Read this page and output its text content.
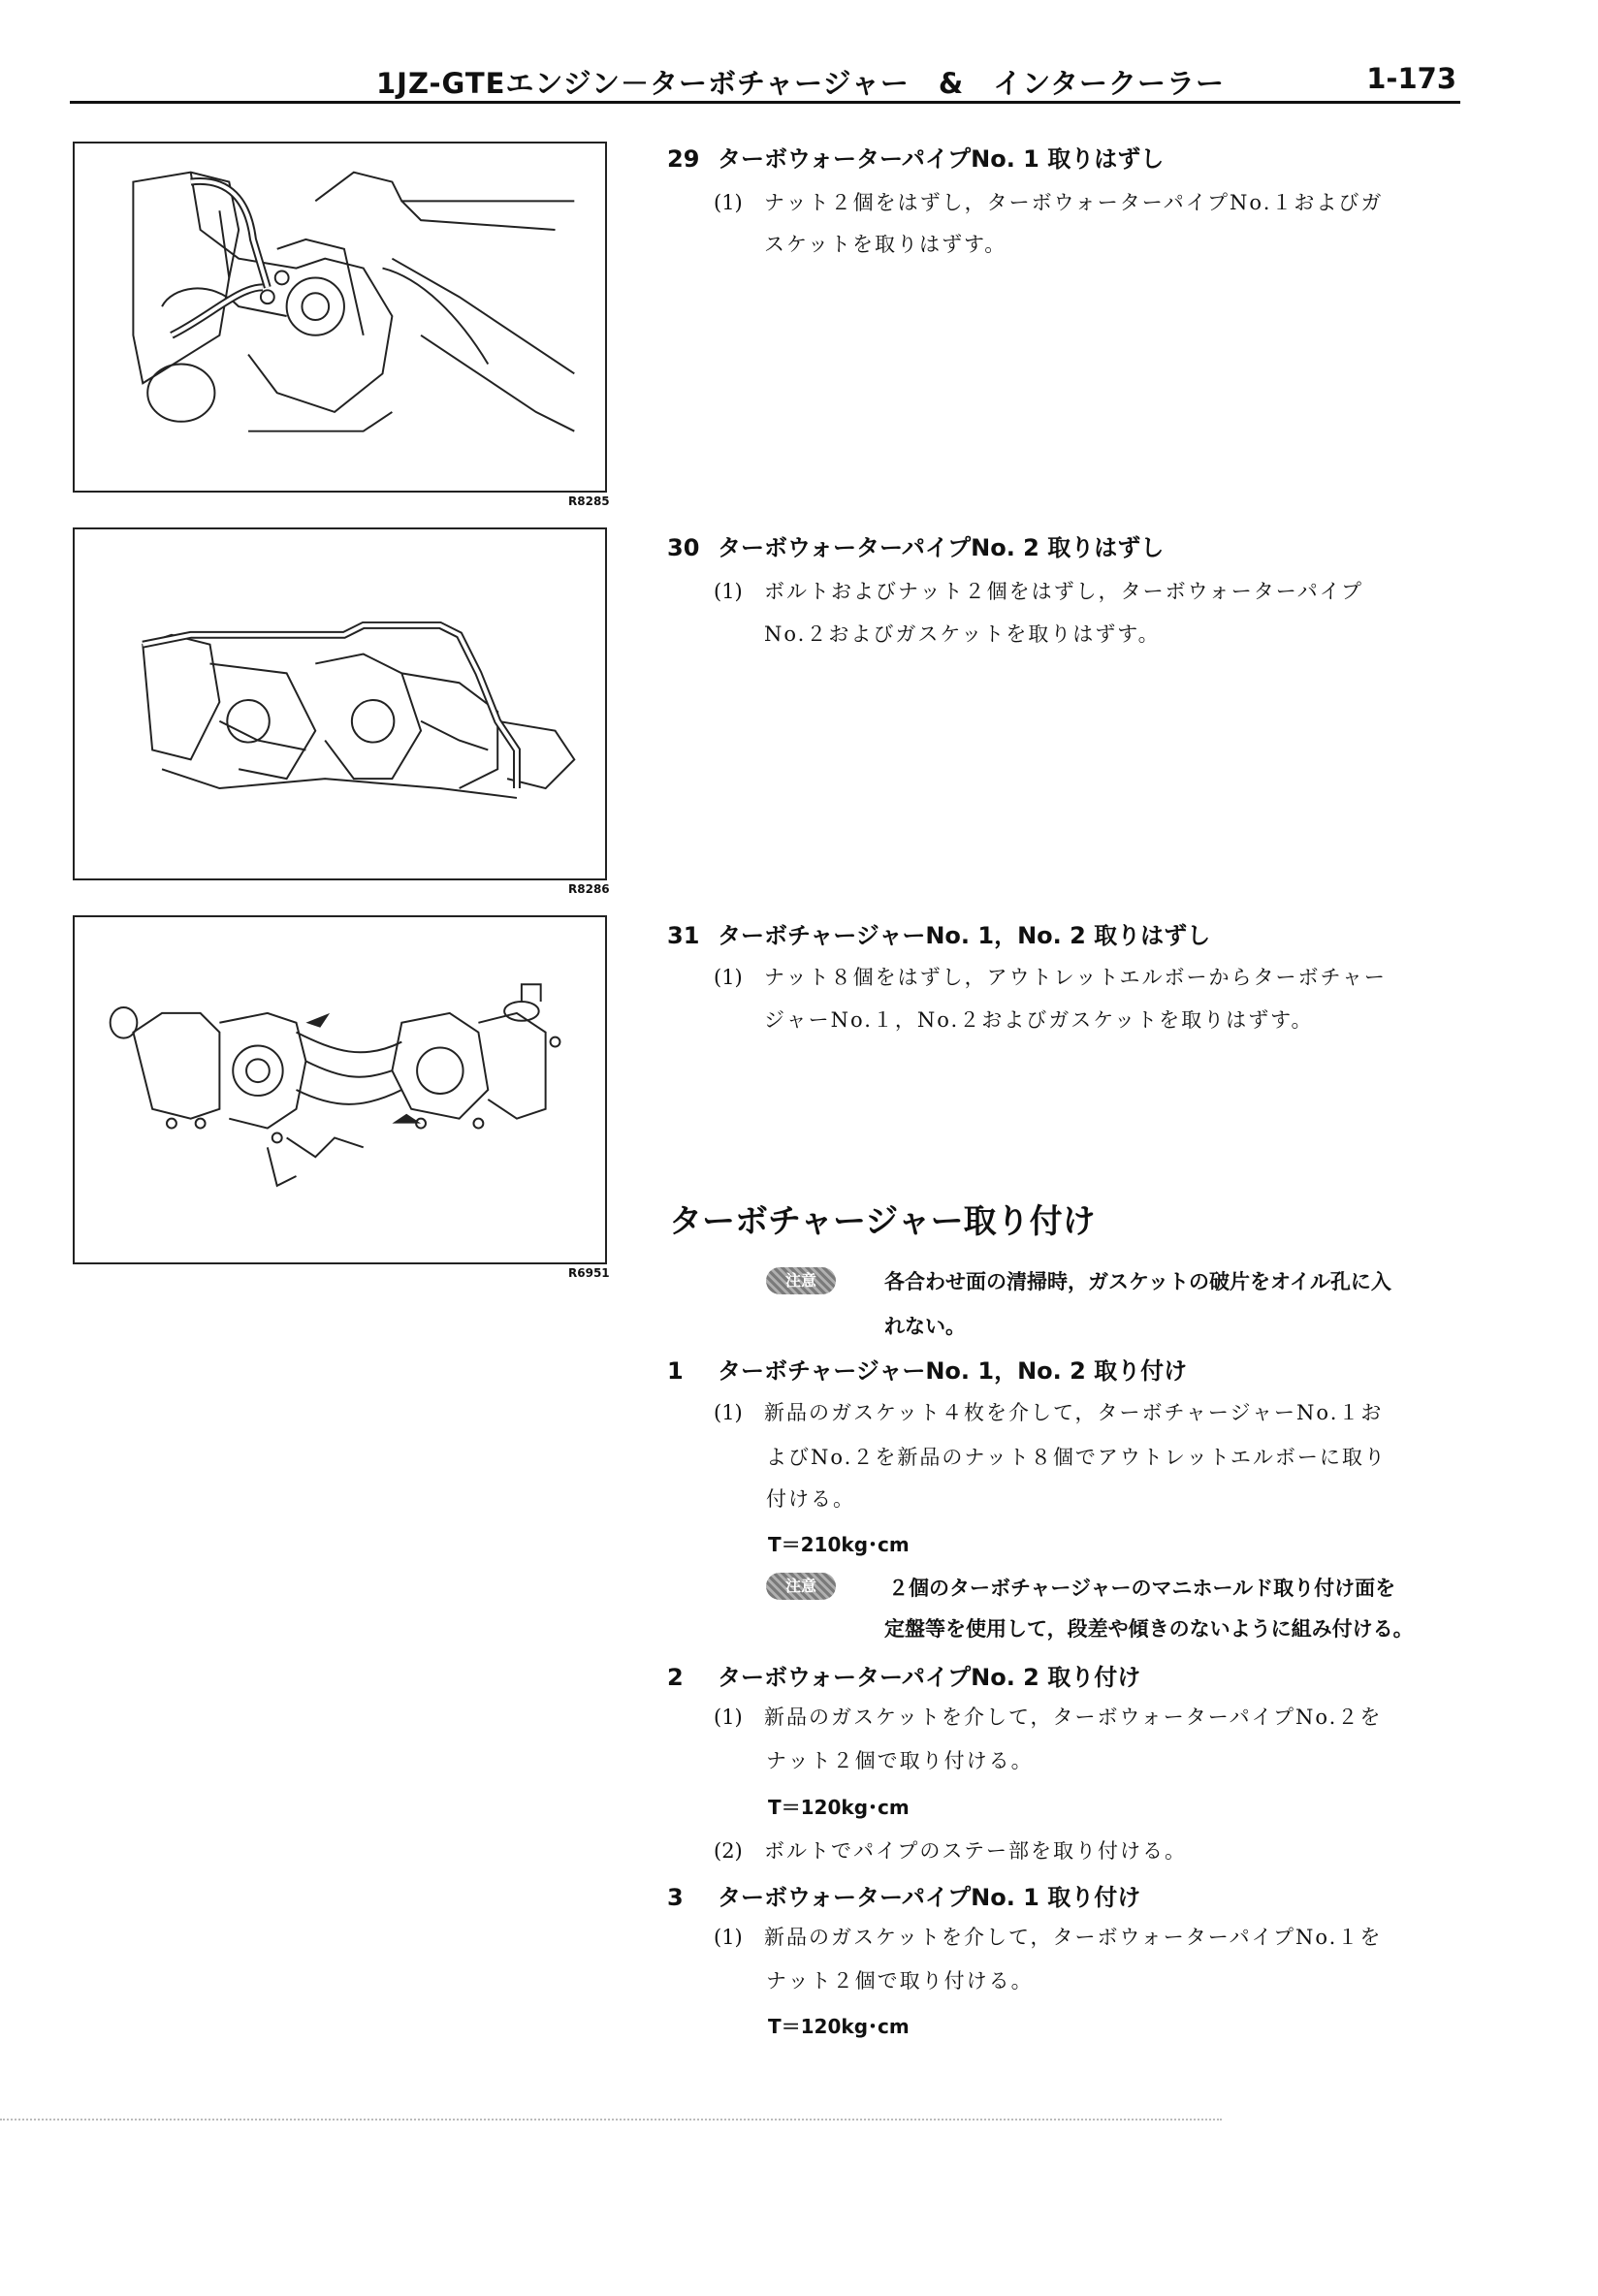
1JZ-GTEエンジン－ターボチャージャー　&　インタークーラー	1-173
R8285
R8286
R6951
29 ターボウォーターパイプNo. 1 取りはずし
(1) ナット２個をはずし，ターボウォーターパイプNo.１およびガ
スケットを取りはずす。
30 ターボウォーターパイプNo. 2 取りはずし
(1) ボルトおよびナット２個をはずし，ターボウォーターパイプ
No.２およびガスケットを取りはずす。
31 ターボチャージャーNo. 1，No. 2 取りはずし
(1) ナット８個をはずし，アウトレットエルボーからターボチャー
ジャーNo.１，No.２およびガスケットを取りはずす。
ターボチャージャー取り付け
注意	各合わせ面の清掃時，ガスケットの破片をオイル孔に入
れない。
1 ターボチャージャーNo. 1，No. 2 取り付け
(1) 新品のガスケット４枚を介して，ターボチャージャーNo.１お
よびNo.２を新品のナット８個でアウトレットエルボーに取り
付ける。
T＝210kg･cm
注意	２個のターボチャージャーのマニホールド取り付け面を
定盤等を使用して，段差や傾きのないように組み付ける。
2 ターボウォーターパイプNo. 2 取り付け
(1) 新品のガスケットを介して，ターボウォーターパイプNo.２を
ナット２個で取り付ける。
T＝120kg･cm
(2) ボルトでパイプのステー部を取り付ける。
3 ターボウォーターパイプNo. 1 取り付け
(1) 新品のガスケットを介して，ターボウォーターパイプNo.１を
ナット２個で取り付ける。
T＝120kg･cm
